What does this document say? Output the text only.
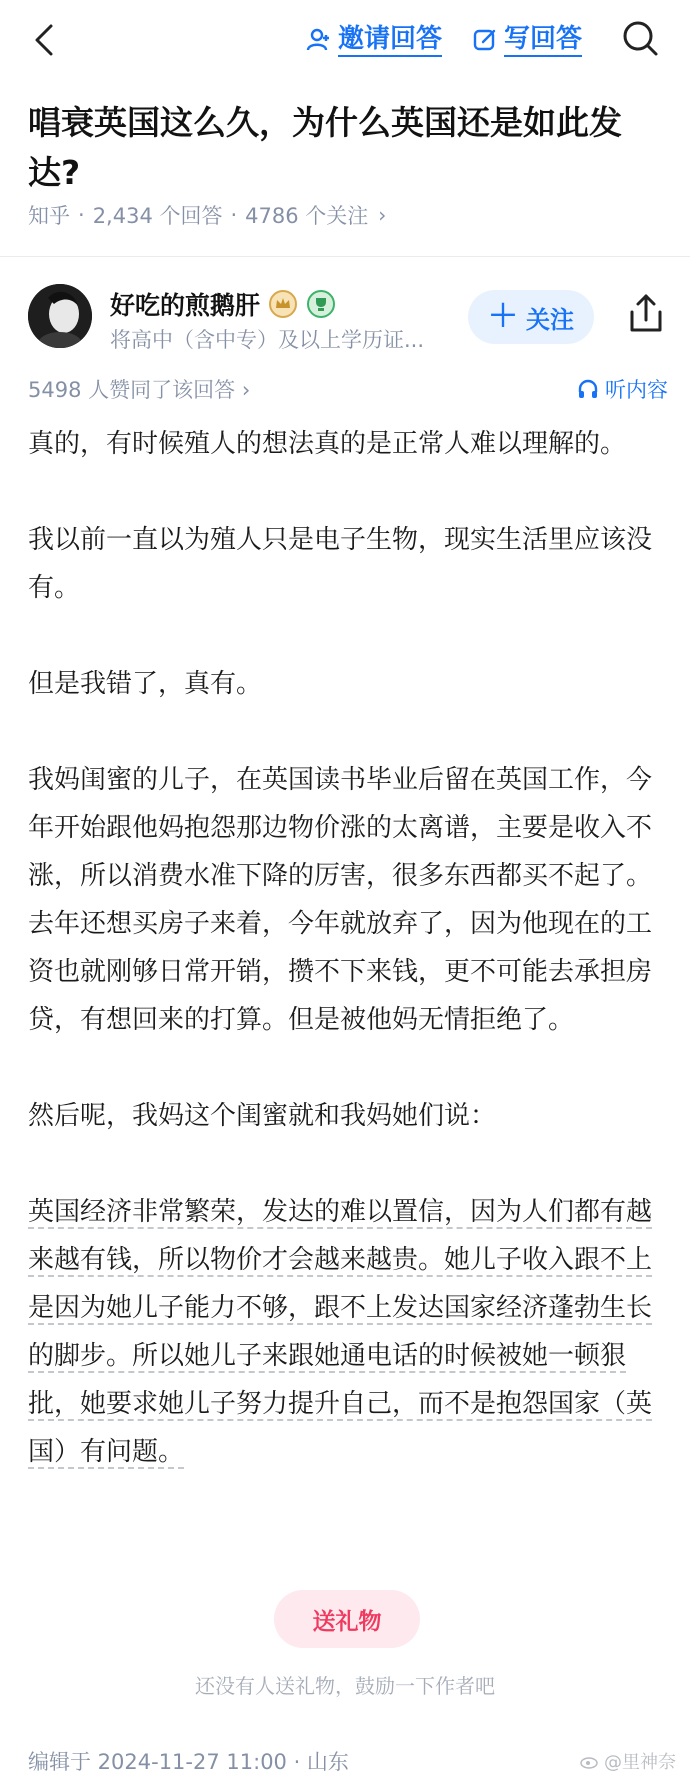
邀请回答 写回答
唱衰英国这么久，为什么英国还是如此发达?
知乎 · 2,434 个回答 · 4786 个关注 ›
好吃的煎鹅肝
将高中（含中专）及以上学历证...
＋ 关注
5498 人赞同了该回答 ›	听内容

真的，有时候殖人的想法真的是正常人难以理解的。

我以前一直以为殖人只是电子生物，现实生活里应该没有。

但是我错了，真有。

我妈闺蜜的儿子，在英国读书毕业后留在英国工作，今年开始跟他妈抱怨那边物价涨的太离谱，主要是收入不涨，所以消费水准下降的厉害，很多东西都买不起了。去年还想买房子来着，今年就放弃了，因为他现在的工资也就刚够日常开销，攒不下来钱，更不可能去承担房贷，有想回来的打算。但是被他妈无情拒绝了。

然后呢，我妈这个闺蜜就和我妈她们说：

英国经济非常繁荣，发达的难以置信，因为人们都有越来越有钱，所以物价才会越来越贵。她儿子收入跟不上是因为她儿子能力不够，跟不上发达国家经济蓬勃生长的脚步。所以她儿子来跟她通电话的时候被她一顿狠批，她要求她儿子努力提升自己，而不是抱怨国家（英国）有问题。

送礼物
还没有人送礼物，鼓励一下作者吧
编辑于 2024-11-27 11:00 · 山东	@里神奈
